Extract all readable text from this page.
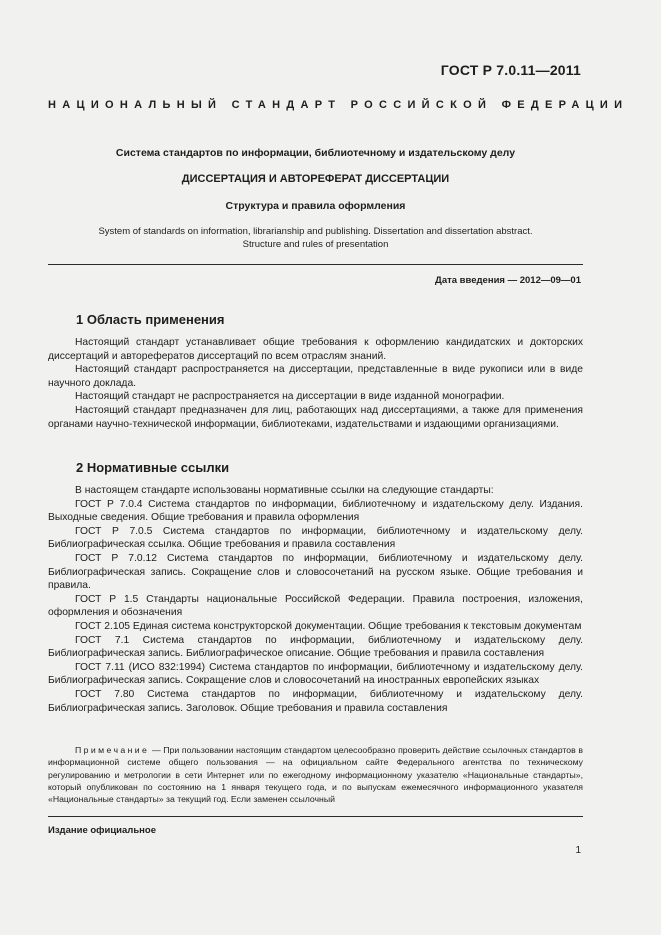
ГОСТ Р 7.0.11—2011
НАЦИОНАЛЬНЫЙ СТАНДАРТ РОССИЙСКОЙ ФЕДЕРАЦИИ
Система стандартов по информации, библиотечному и издательскому делу
ДИССЕРТАЦИЯ И АВТОРЕФЕРАТ ДИССЕРТАЦИИ
Структура и правила оформления
System of standards on information, librarianship and publishing. Dissertation and dissertation abstract.
Structure and rules of presentation
Дата введения — 2012—09—01
1 Область применения

Настоящий стандарт устанавливает общие требования к оформлению кандидатских и докторских диссертаций и авторефератов диссертаций по всем отраслям знаний.

Настоящий стандарт распространяется на диссертации, представленные в виде рукописи или в виде научного доклада.

Настоящий стандарт не распространяется на диссертации в виде изданной монографии.

Настоящий стандарт предназначен для лиц, работающих над диссертациями, а также для применения органами научно-технической информации, библиотеками, издательствами и издающими организациями.

2 Нормативные ссылки

В настоящем стандарте использованы нормативные ссылки на следующие стандарты:

ГОСТ Р 7.0.4 Система стандартов по информации, библиотечному и издательскому делу. Издания. Выходные сведения. Общие требования и правила оформления

ГОСТ Р 7.0.5 Система стандартов по информации, библиотечному и издательскому делу. Библиографическая ссылка. Общие требования и правила составления

ГОСТ Р 7.0.12 Система стандартов по информации, библиотечному и издательскому делу. Библиографическая запись. Сокращение слов и словосочетаний на русском языке. Общие требования и правила.

ГОСТ Р 1.5 Стандарты национальные Российской Федерации. Правила построения, изложения, оформления и обозначения

ГОСТ 2.105 Единая система конструкторской документации. Общие требования к текстовым документам

ГОСТ 7.1 Система стандартов по информации, библиотечному и издательскому делу. Библиографическая запись. Библиографическое описание. Общие требования и правила составления

ГОСТ 7.11 (ИСО 832:1994) Система стандартов по информации, библиотечному и издательскому делу. Библиографическая запись. Сокращение слов и словосочетаний на иностранных европейских языках

ГОСТ 7.80 Система стандартов по информации, библиотечному и издательскому делу. Библиографическая запись. Заголовок. Общие требования и правила составления

Примечание — При пользовании настоящим стандартом целесообразно проверить действие ссылочных стандартов в информационной системе общего пользования — на официальном сайте Федерального агентства по техническому регулированию и метрологии в сети Интернет или по ежегодному информационному указателю «Национальные стандарты», который опубликован по состоянию на 1 января текущего года, и по выпускам ежемесячного информационного указателя «Национальные стандарты» за текущий год. Если заменен ссылочный

Издание официальное
1
